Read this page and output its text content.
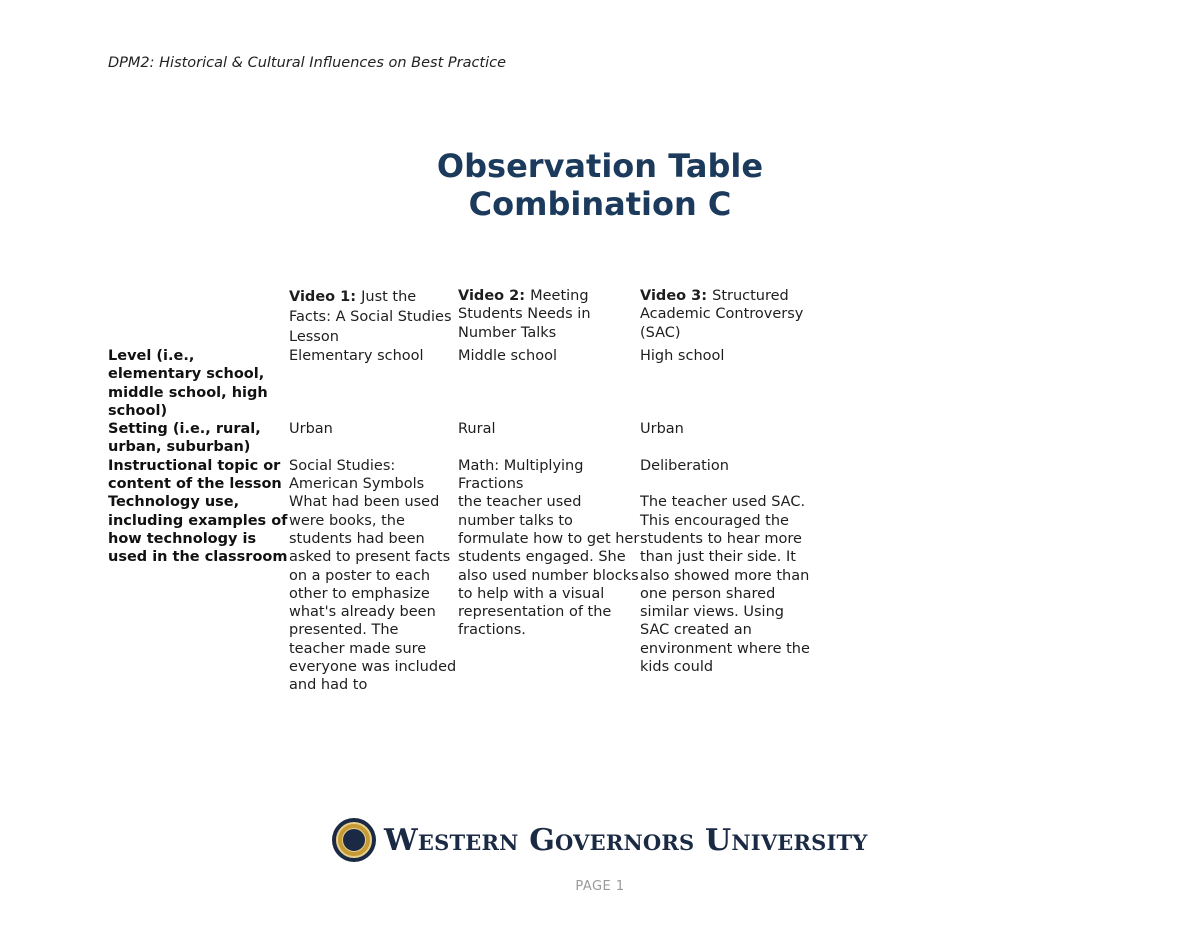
DPM2: Historical & Cultural Influences on Best Practice
Observation Table
Combination C
	Video 1: Just the Facts: A Social Studies Lesson	Video 2: Meeting Students Needs in Number Talks	Video 3: Structured Academic Controversy (SAC)
Level (i.e., elementary school, middle school, high school)	Elementary school	Middle school	High school
Setting (i.e., rural, urban, suburban)	Urban	Rural	Urban
Instructional topic or content of the lesson	Social Studies: American Symbols	Math: Multiplying Fractions	Deliberation
Technology use, including examples of how technology is used in the classroom	What had been used were books, the students had been asked to present facts on a poster to each other to emphasize what's already been presented. The teacher made sure everyone was included and had to	the teacher used number talks to formulate how to get her students engaged. She also used number blocks to help with a visual representation of the fractions.	The teacher used SAC. This encouraged the students to hear more than just their side. It also showed more than one person shared similar views. Using SAC created an environment where the kids could
Western Governors University
PAGE 1
